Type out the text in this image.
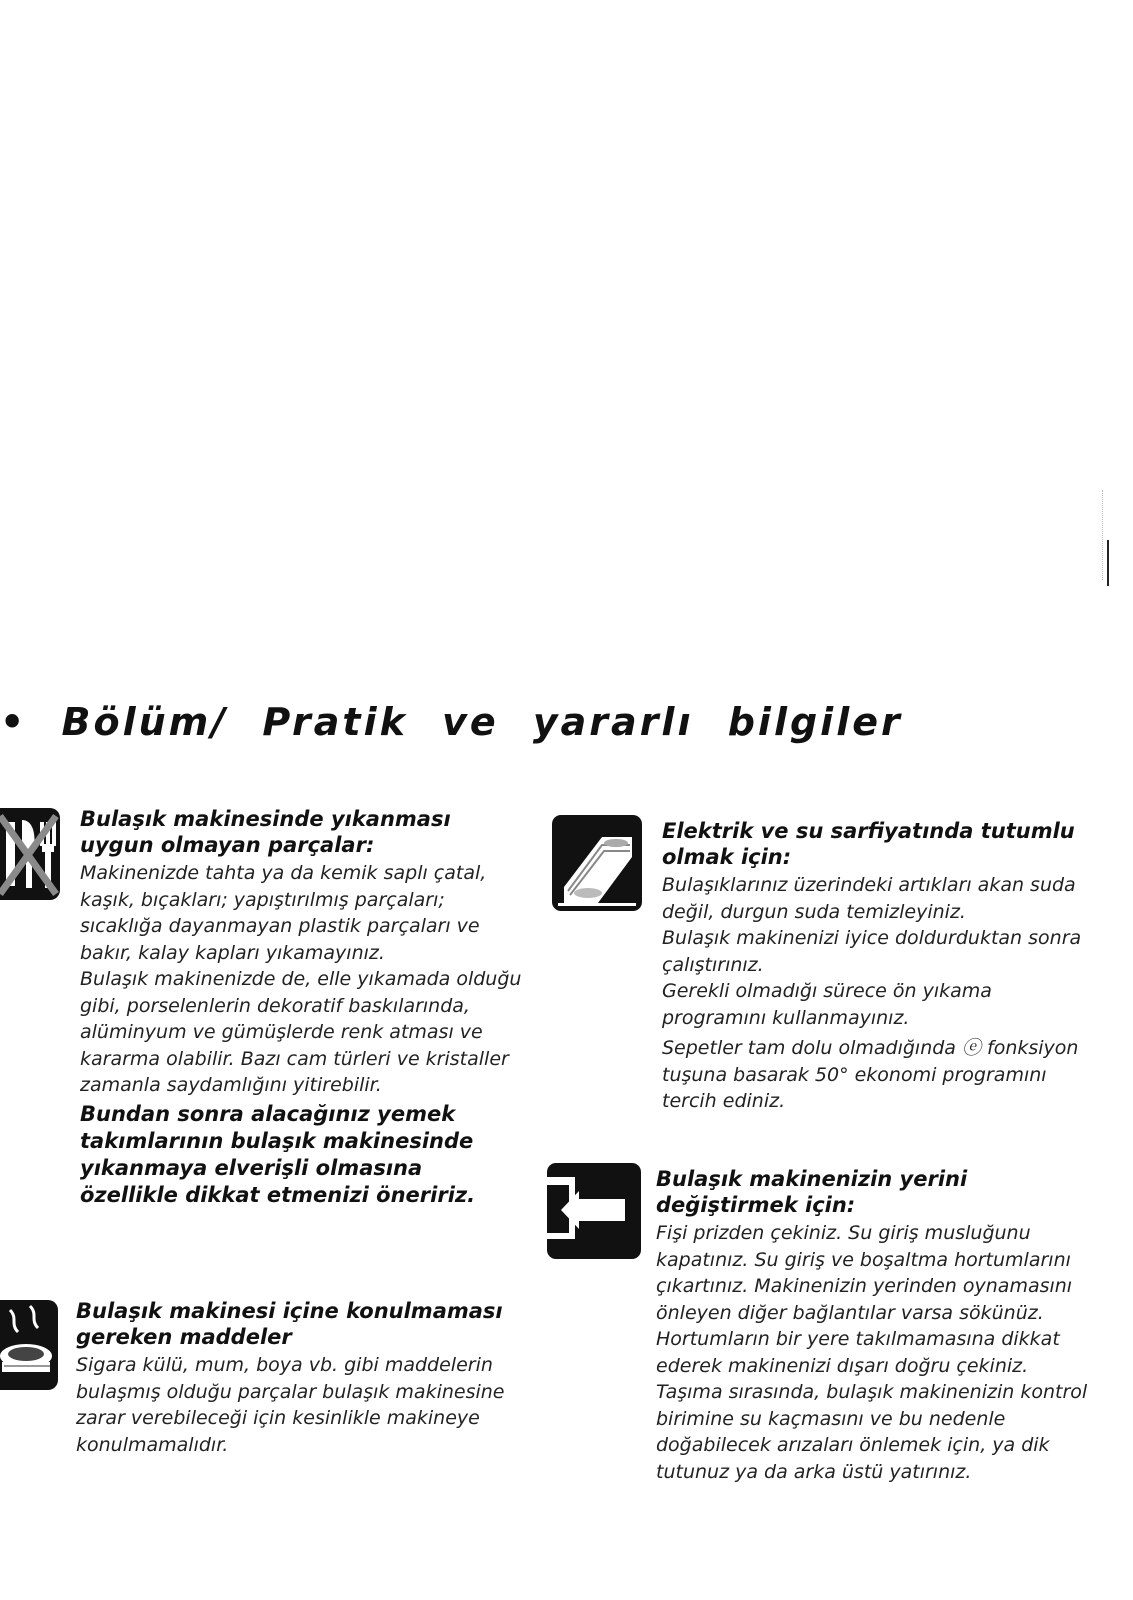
• Bölüm/ Pratik ve yararlı bilgiler
Bulaşık makinesinde yıkanması uygun olmayan parçalar:

Makinenizde tahta ya da kemik saplı çatal, kaşık, bıçakları; yapıştırılmış parçaları; sıcaklığa dayanmayan plastik parçaları ve bakır, kalay kapları yıkamayınız.

Bulaşık makinenizde de, elle yıkamada olduğu gibi, porselenlerin dekoratif baskılarında, alüminyum ve gümüşlerde renk atması ve kararma olabilir. Bazı cam türleri ve kristaller zamanla saydamlığını yitirebilir.

Bundan sonra alacağınız yemek takımlarının bulaşık makinesinde yıkanmaya elverişli olmasına özellikle dikkat etmenizi öneririz.

Bulaşık makinesi içine konulmaması gereken maddeler

Sigara külü, mum, boya vb. gibi maddelerin bulaşmış olduğu parçalar bulaşık makinesine zarar verebileceği için kesinlikle makineye konulmamalıdır.

Elektrik ve su sarfiyatında tutumlu olmak için:

Bulaşıklarınız üzerindeki artıkları akan suda değil, durgun suda temizleyiniz.

Bulaşık makinenizi iyice doldurduktan sonra çalıştırınız.

Gerekli olmadığı sürece ön yıkama programını kullanmayınız.

Sepetler tam dolu olmadığında ⓔ fonksiyon tuşuna basarak 50° ekonomi programını tercih ediniz.

Bulaşık makinenizin yerini değiştirmek için:

Fişi prizden çekiniz. Su giriş musluğunu kapatınız. Su giriş ve boşaltma hortumlarını çıkartınız. Makinenizin yerinden oynamasını önleyen diğer bağlantılar varsa sökünüz. Hortumların bir yere takılmamasına dikkat ederek makinenizi dışarı doğru çekiniz. Taşıma sırasında, bulaşık makinenizin kontrol birimine su kaçmasını ve bu nedenle doğabilecek arızaları önlemek için, ya dik tutunuz ya da arka üstü yatırınız.
